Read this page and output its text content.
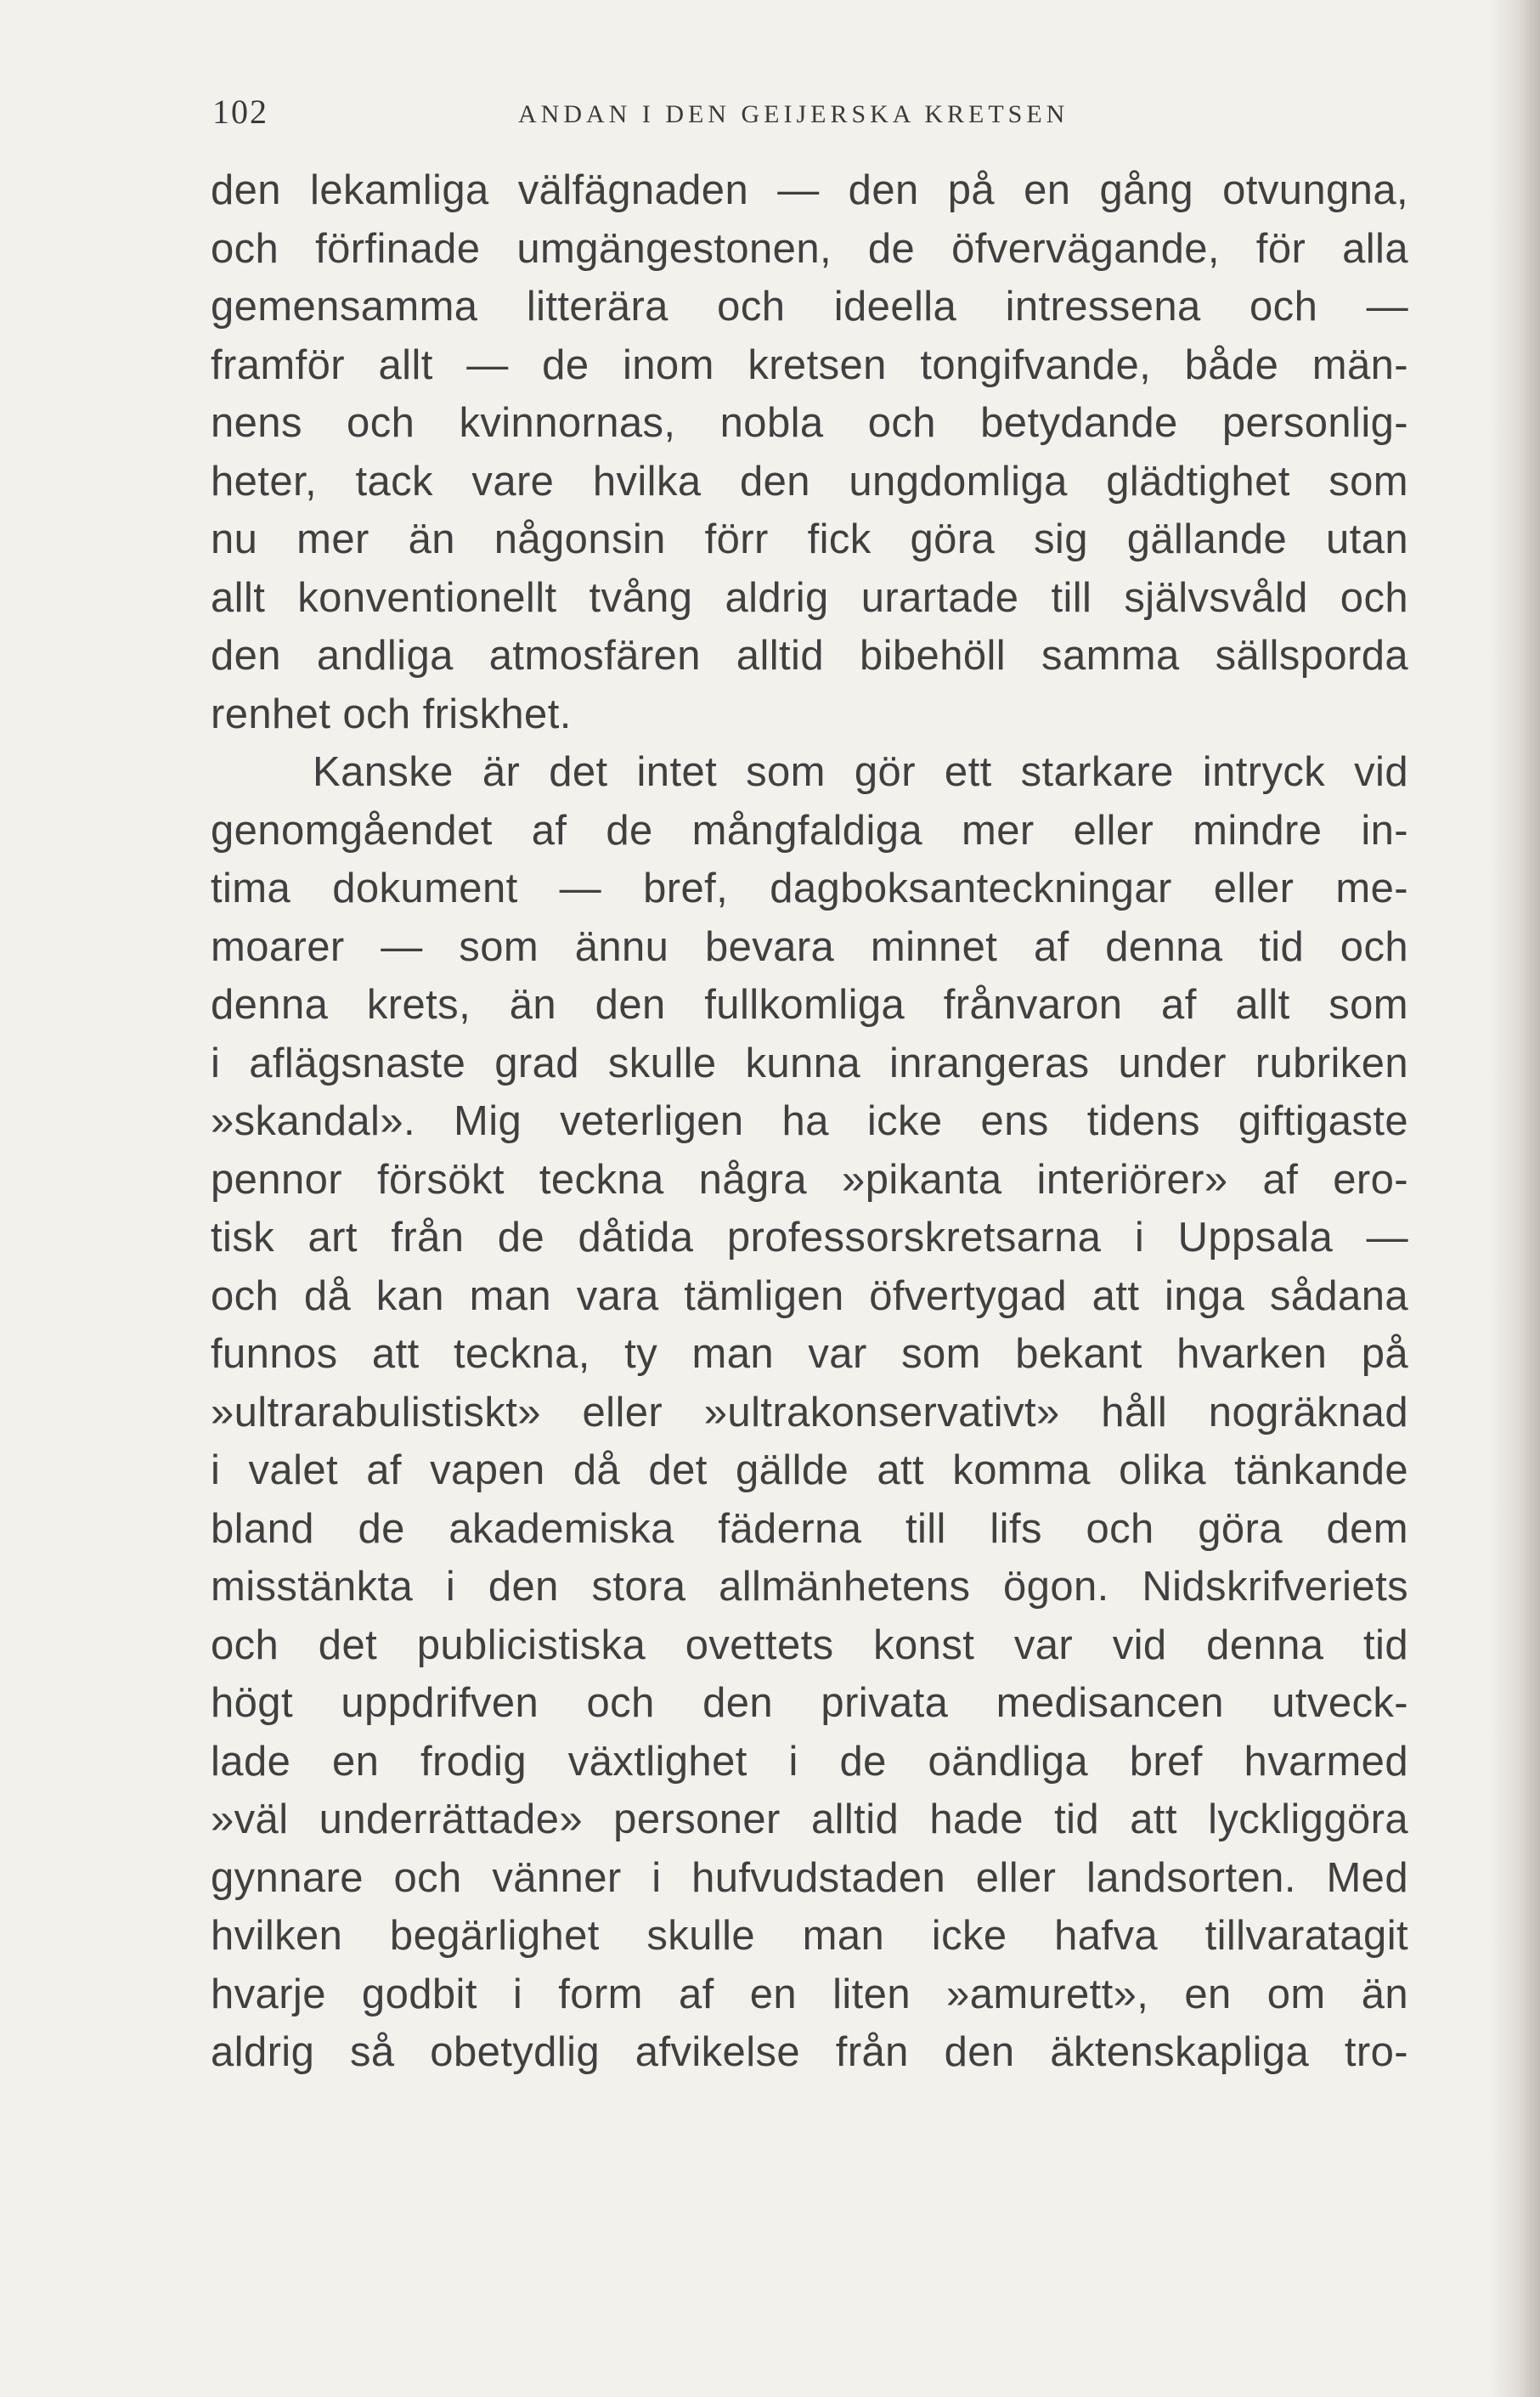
102	ANDAN I DEN GEIJERSKA KRETSEN
den lekamliga välfägnaden — den på en gång otvungna,
och förfinade umgängestonen, de öfvervägande, för alla
gemensamma litterära och ideella intressena och —
framför allt — de inom kretsen tongifvande, både män-
nens och kvinnornas, nobla och betydande personlig-
heter, tack vare hvilka den ungdomliga glädtighet som
nu mer än någonsin förr fick göra sig gällande utan
allt konventionellt tvång aldrig urartade till självsvåld och
den andliga atmosfären alltid bibehöll samma sällsporda
renhet och friskhet.
Kanske är det intet som gör ett starkare intryck vid
genomgåendet af de mångfaldiga mer eller mindre in-
tima dokument — bref, dagboksanteckningar eller me-
moarer — som ännu bevara minnet af denna tid och
denna krets, än den fullkomliga frånvaron af allt som
i aflägsnaste grad skulle kunna inrangeras under rubriken
»skandal». Mig veterligen ha icke ens tidens giftigaste
pennor försökt teckna några »pikanta interiörer» af ero-
tisk art från de dåtida professorskretsarna i Uppsala —
och då kan man vara tämligen öfvertygad att inga sådana
funnos att teckna, ty man var som bekant hvarken på
»ultrarabulistiskt» eller »ultrakonservativt» håll nogräknad
i valet af vapen då det gällde att komma olika tänkande
bland de akademiska fäderna till lifs och göra dem
misstänkta i den stora allmänhetens ögon. Nidskrifveriets
och det publicistiska ovettets konst var vid denna tid
högt uppdrifven och den privata medisancen utveck-
lade en frodig växtlighet i de oändliga bref hvarmed
»väl underrättade» personer alltid hade tid att lyckliggöra
gynnare och vänner i hufvudstaden eller landsorten. Med
hvilken begärlighet skulle man icke hafva tillvaratagit
hvarje godbit i form af en liten »amurett», en om än
aldrig så obetydlig afvikelse från den äktenskapliga tro-
